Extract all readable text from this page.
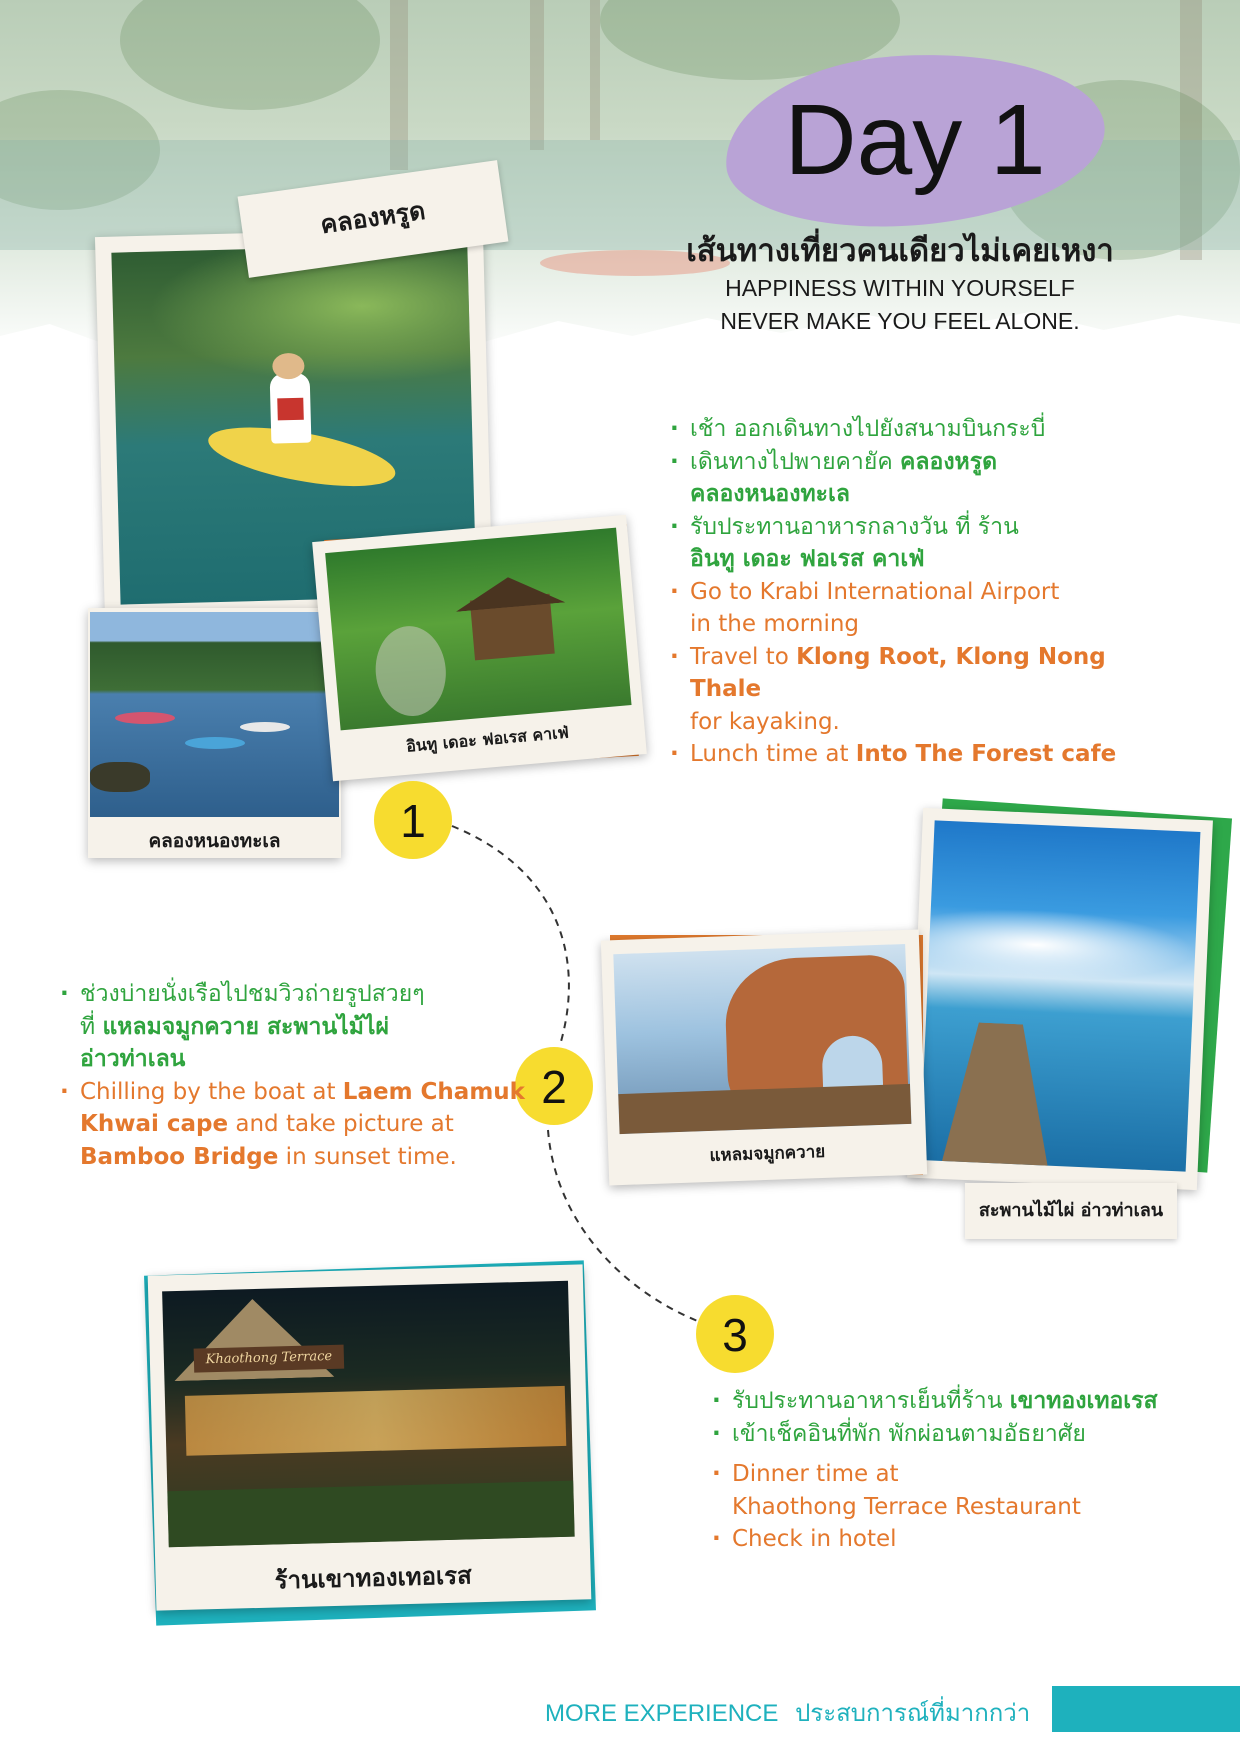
Day 1
เส้นทางเที่ยวคนเดียวไม่เคยเหงา
HAPPINESS WITHIN YOURSELF
NEVER MAKE YOU FEEL ALONE.
คลองหรูด
คลองหนองทะเล
อินทู เดอะ ฟอเรส คาเฟ่
· เช้า ออกเดินทางไปยังสนามบินกระบี่
· เดินทางไปพายคายัค คลองหรูด
คลองหนองทะเล
· รับประทานอาหารกลางวัน ที่ ร้าน
อินทู เดอะ ฟอเรส คาเฟ่
· Go to Krabi International Airport
in the morning
· Travel to Klong Root, Klong Nong Thale
for kayaking.
· Lunch time at Into The Forest cafe
1
2
3
· ช่วงบ่ายนั่งเรือไปชมวิวถ่ายรูปสวยๆ
ที่ แหลมจมูกควาย สะพานไม้ไผ่
อ่าวท่าเลน
· Chilling by the boat at Laem Chamuk
Khwai cape and take picture at
Bamboo Bridge in sunset time.
สะพานไม้ไผ่ อ่าวท่าเลน
แหลมจมูกควาย
Khaothong Terrace
ร้านเขาทองเทอเรส
· รับประทานอาหารเย็นที่ร้าน เขาทองเทอเรส
· เข้าเช็คอินที่พัก พักผ่อนตามอัธยาศัย
· Dinner time at
Khaothong Terrace Restaurant
· Check in hotel
MORE EXPERIENCE ประสบการณ์ที่มากกว่า
